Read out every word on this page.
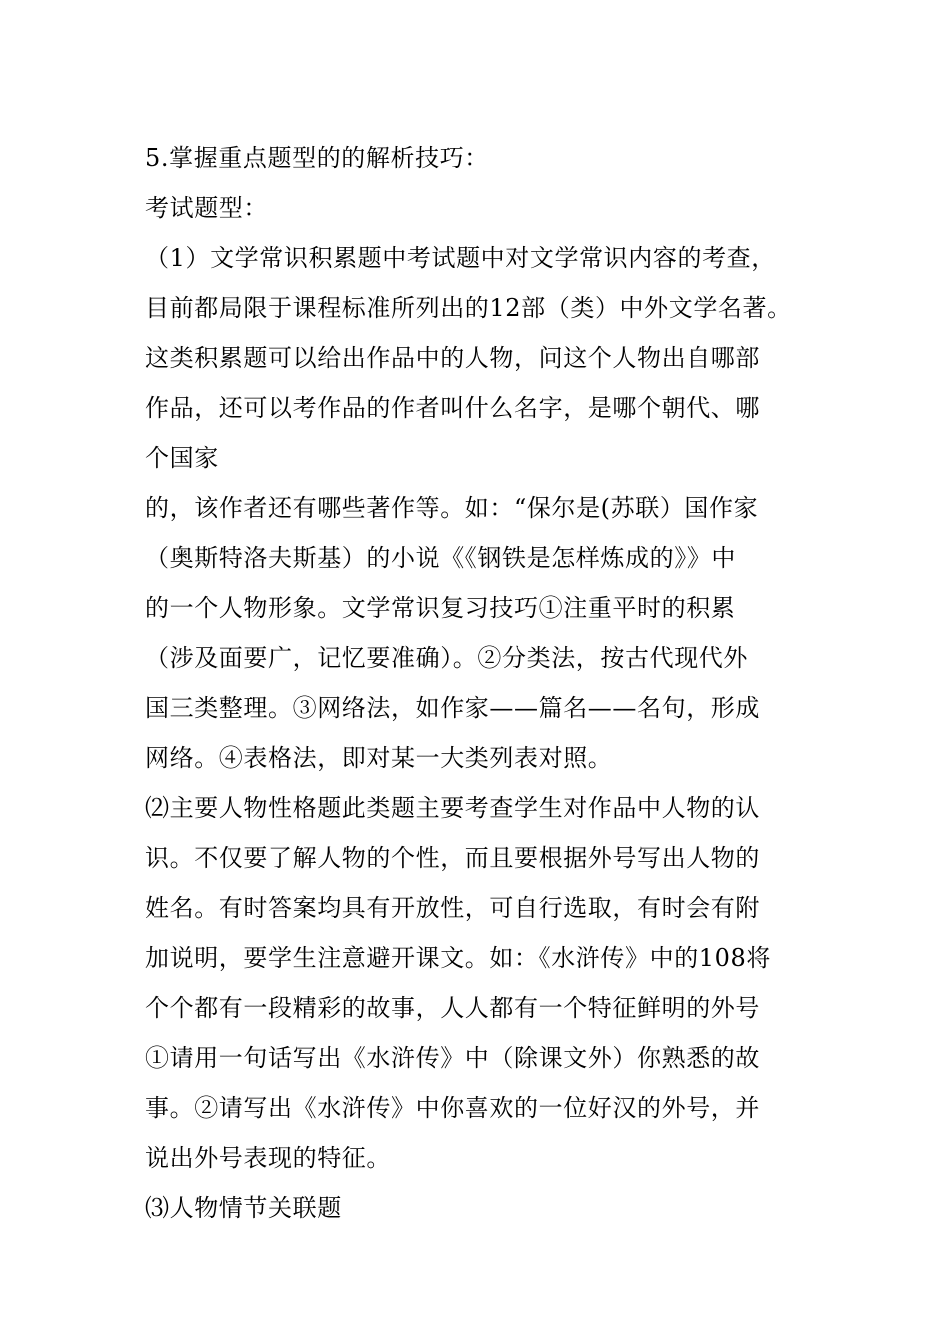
5.掌握重点题型的的解析技巧：
考试题型：
（1）文学常识积累题中考试题中对文学常识内容的考查，
目前都局限于课程标准所列出的12部（类）中外文学名著。
这类积累题可以给出作品中的人物，问这个人物出自哪部
作品，还可以考作品的作者叫什么名字，是哪个朝代、哪
个国家
的，该作者还有哪些著作等。如：“保尔是(苏联）国作家
（奥斯特洛夫斯基）的小说《《钢铁是怎样炼成的》》中
的一个人物形象。文学常识复习技巧①注重平时的积累
（涉及面要广，记忆要准确）。②分类法，按古代现代外
国三类整理。③网络法，如作家——篇名——名句，形成
网络。④表格法，即对某一大类列表对照。
⑵主要人物性格题此类题主要考查学生对作品中人物的认
识。不仅要了解人物的个性，而且要根据外号写出人物的
姓名。有时答案均具有开放性，可自行选取，有时会有附
加说明，要学生注意避开课文。如：《水浒传》中的108将
个个都有一段精彩的故事，人人都有一个特征鲜明的外号
①请用一句话写出《水浒传》中（除课文外）你熟悉的故
事。②请写出《水浒传》中你喜欢的一位好汉的外号，并
说出外号表现的特征。
⑶人物情节关联题
